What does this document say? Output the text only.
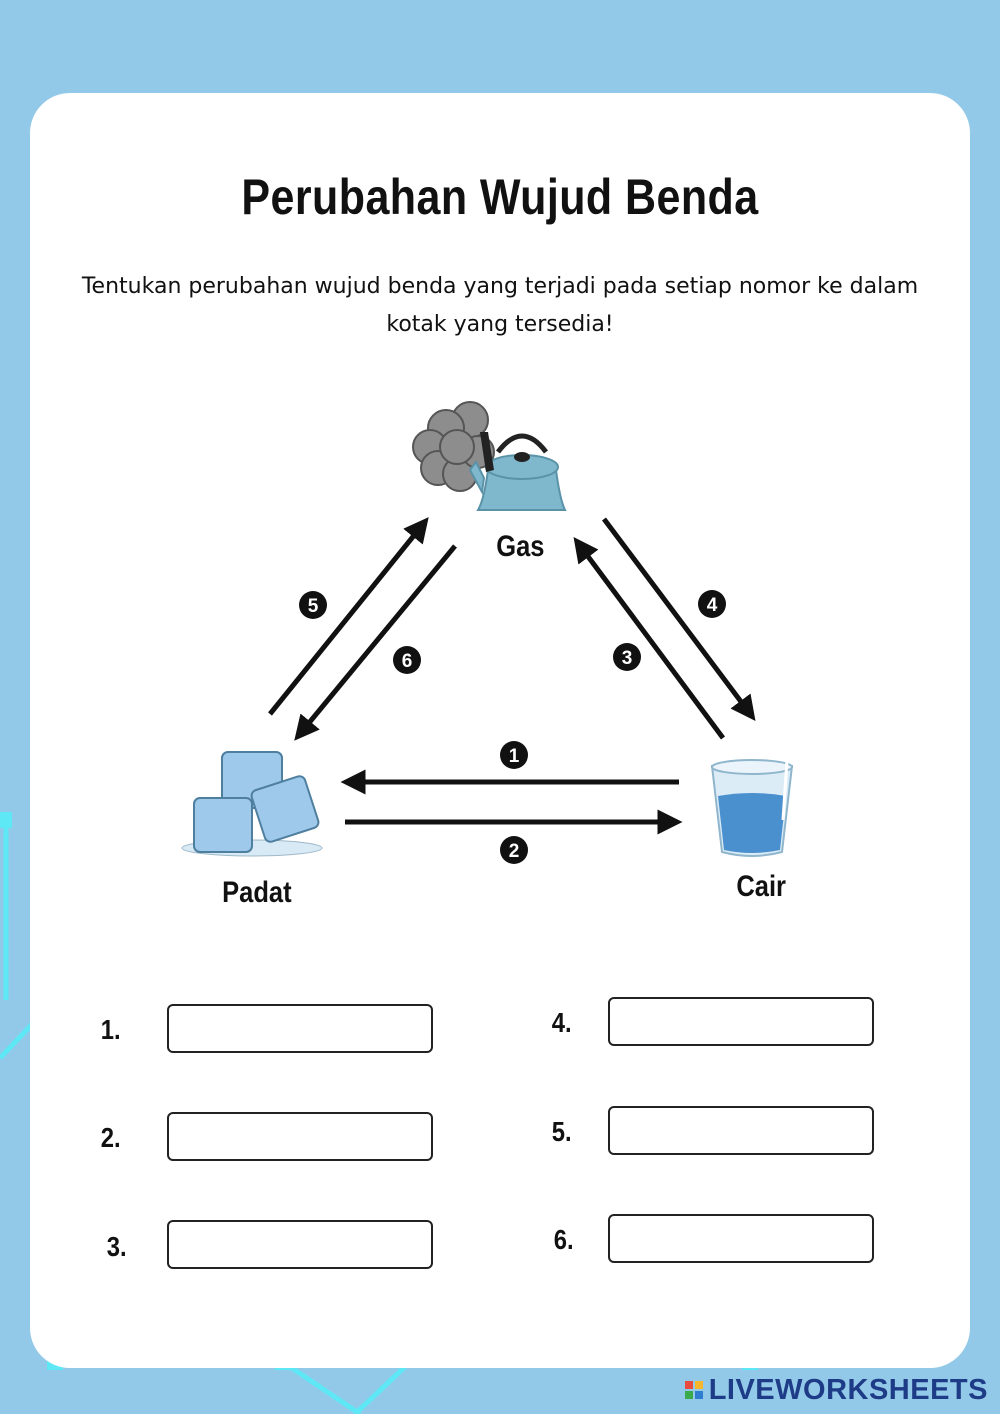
Perubahan Wujud Benda
Tentukan perubahan wujud benda yang terjadi pada setiap nomor ke dalam kotak yang tersedia!
5
6
4
3
1
2
Gas
Padat	Cair
1.
2.
3.
4.
5.
6.
LIVEWORKSHEETS
